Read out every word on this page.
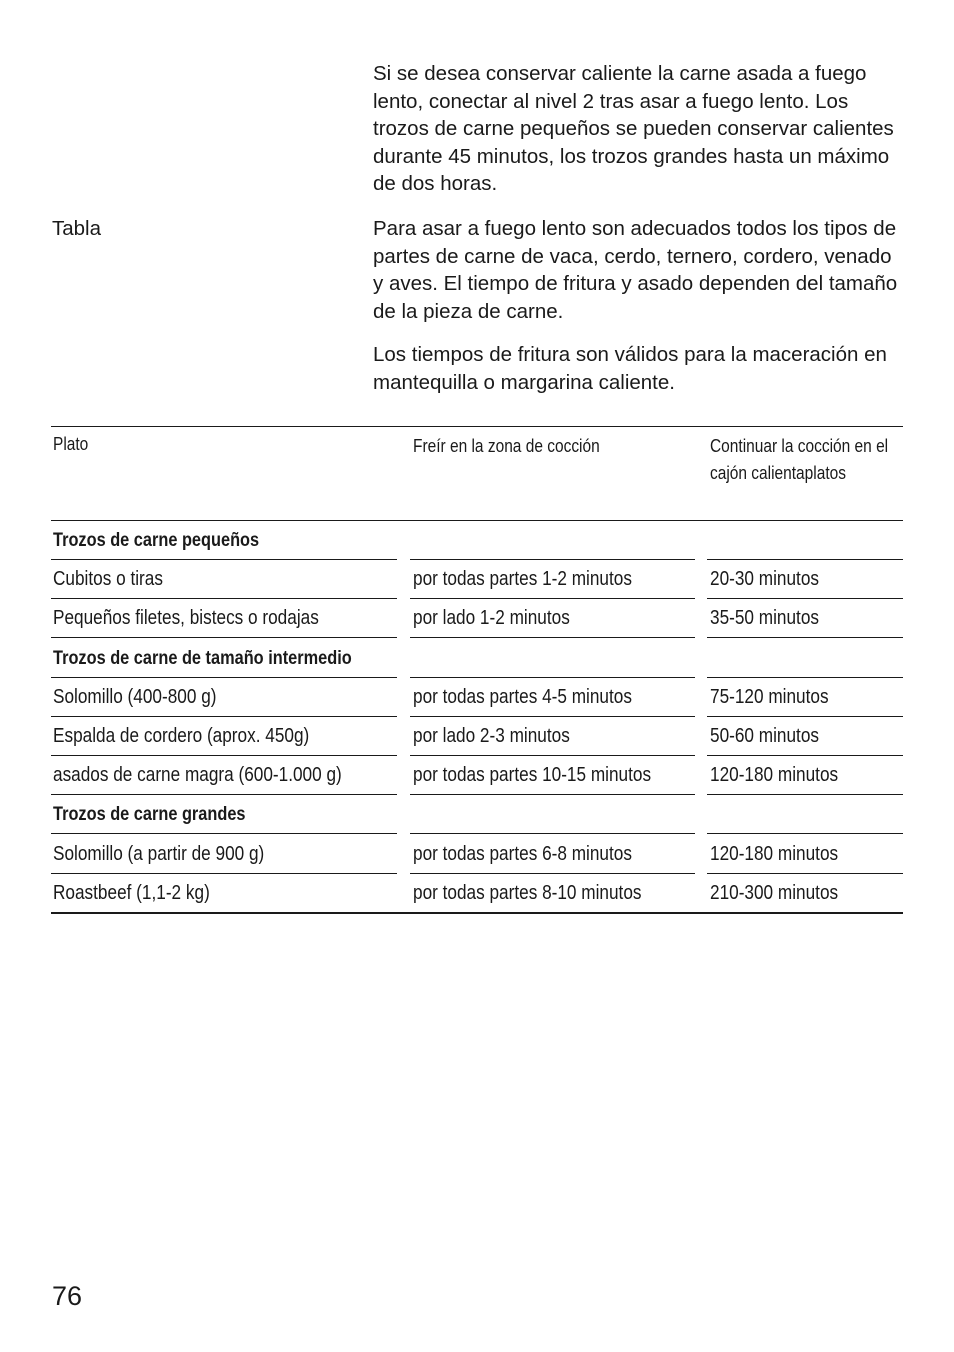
Si se desea conservar caliente la carne asada a fuego lento, conectar al nivel 2 tras asar a fuego lento. Los trozos de carne pequeños se pueden conservar calientes durante 45 minutos, los trozos grandes hasta un máximo de dos horas.

Tabla	Para asar a fuego lento son adecuados todos los tipos de partes de carne de vaca, cerdo, ternero, cordero, venado y aves. El tiempo de fritura y asado dependen del tamaño de la pieza de carne.

Los tiempos de fritura son válidos para la maceración en mantequilla o margarina caliente.

Plato	Freír en la zona de cocción	Continuar la cocción en el cajón calientaplatos
Trozos de carne pequeños
Cubitos o tiras	por todas partes 1-2 minutos	20-30 minutos
Pequeños filetes, bistecs o rodajas	por lado 1-2 minutos	35-50 minutos
Trozos de carne de tamaño intermedio
Solomillo (400-800 g)	por todas partes 4-5 minutos	75-120 minutos
Espalda de cordero (aprox. 450g)	por lado 2-3 minutos	50-60 minutos
asados de carne magra (600-1.000 g)	por todas partes 10-15 minutos	120-180 minutos
Trozos de carne grandes
Solomillo (a partir de 900 g)	por todas partes 6-8 minutos	120-180 minutos
Roastbeef (1,1-2 kg)	por todas partes 8-10 minutos	210-300 minutos
76
